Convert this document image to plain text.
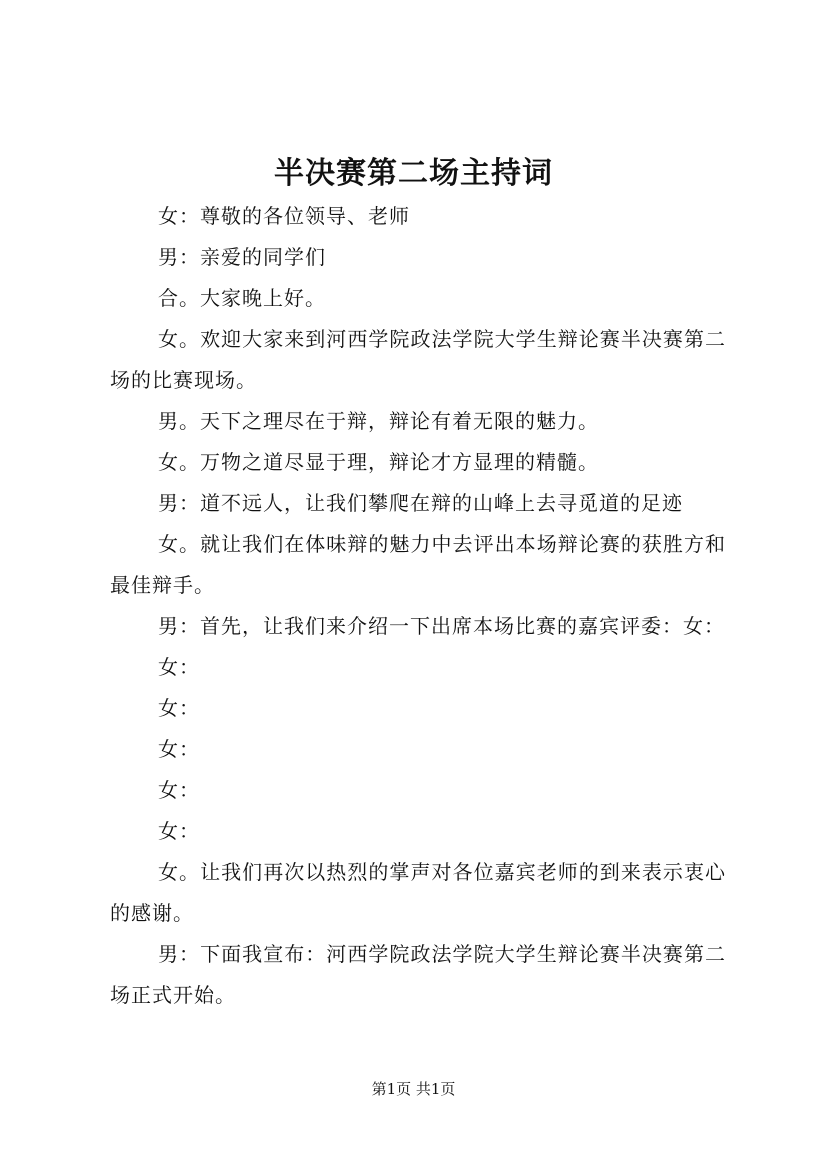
半决赛第二场主持词

女：尊敬的各位领导、老师

男：亲爱的同学们

合。大家晚上好。

女。欢迎大家来到河西学院政法学院大学生辩论赛半决赛第二场的比赛现场。

男。天下之理尽在于辩，辩论有着无限的魅力。

女。万物之道尽显于理，辩论才方显理的精髓。

男：道不远人，让我们攀爬在辩的山峰上去寻觅道的足迹

女。就让我们在体味辩的魅力中去评出本场辩论赛的获胜方和最佳辩手。

男：首先，让我们来介绍一下出席本场比赛的嘉宾评委：女：

女：

女：

女：

女：

女：

女。让我们再次以热烈的掌声对各位嘉宾老师的到来表示衷心的感谢。

男：下面我宣布：河西学院政法学院大学生辩论赛半决赛第二场正式开始。

第1页 共1页
